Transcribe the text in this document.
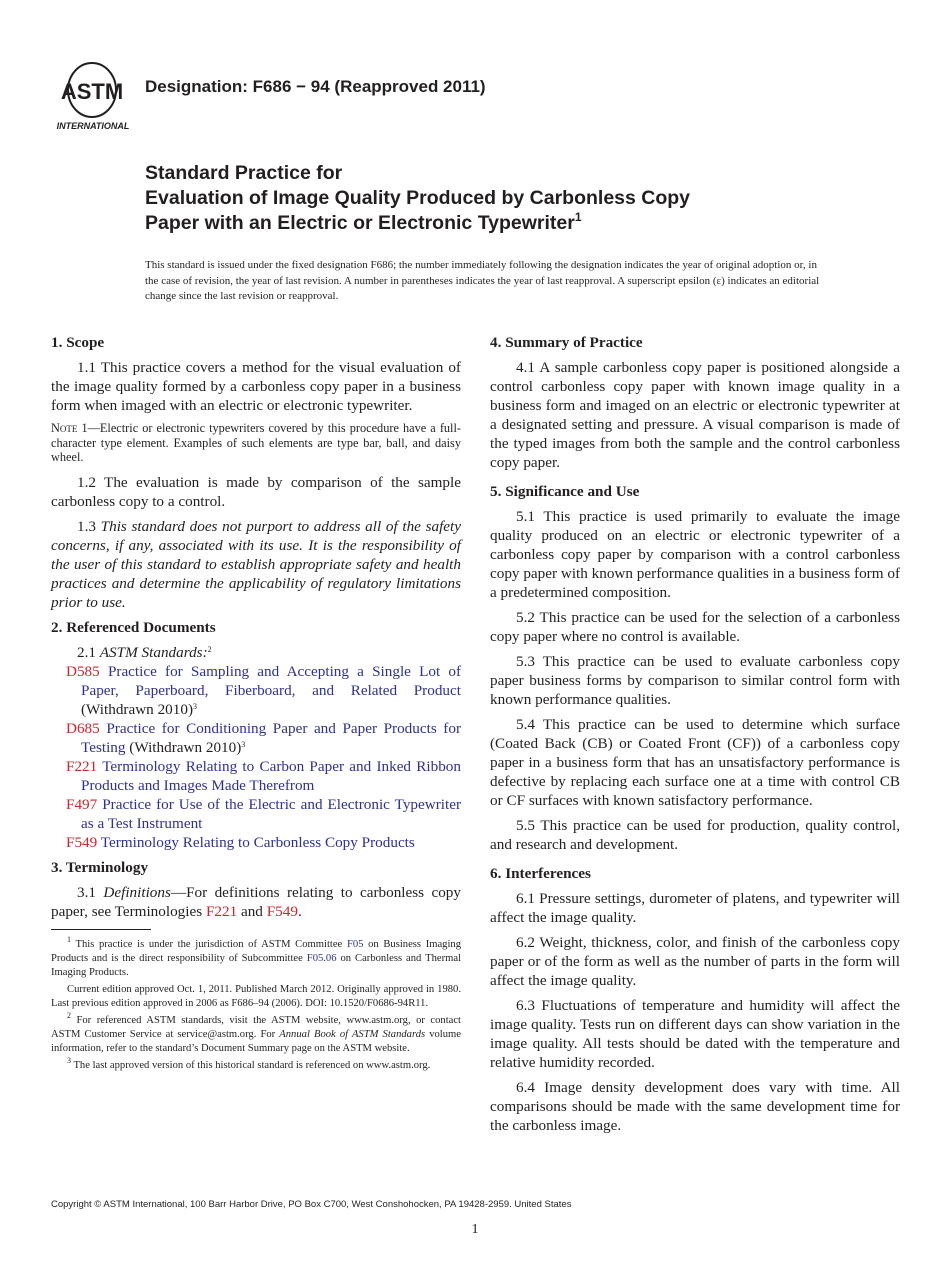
ASTM
INTERNATIONAL
Designation: F686 − 94 (Reapproved 2011)
Standard Practice for
Evaluation of Image Quality Produced by Carbonless Copy
Paper with an Electric or Electronic Typewriter$^1$
This standard is issued under the fixed designation F686; the number immediately following the designation indicates the year of original adoption or, in the case of revision, the year of last revision. A number in parentheses indicates the year of last reapproval. A superscript epsilon (ε) indicates an editorial change since the last revision or reapproval.
1. Scope

1.1 This practice covers a method for the visual evaluation of the image quality formed by a carbonless copy paper in a business form when imaged with an electric or electronic typewriter.

Note 1—Electric or electronic typewriters covered by this procedure have a full-character type element. Examples of such elements are type bar, ball, and daisy wheel.

1.2 The evaluation is made by comparison of the sample carbonless copy to a control.

1.3 This standard does not purport to address all of the safety concerns, if any, associated with its use. It is the responsibility of the user of this standard to establish appropriate safety and health practices and determine the applicability of regulatory limitations prior to use.

2. Referenced Documents

2.1 ASTM Standards:$^2$

D585 Practice for Sampling and Accepting a Single Lot of Paper, Paperboard, Fiberboard, and Related Product (Withdrawn 2010)$^3$

D685 Practice for Conditioning Paper and Paper Products for Testing (Withdrawn 2010)$^3$

F221 Terminology Relating to Carbon Paper and Inked Ribbon Products and Images Made Therefrom

F497 Practice for Use of the Electric and Electronic Typewriter as a Test Instrument

F549 Terminology Relating to Carbonless Copy Products

3. Terminology

3.1 Definitions—For definitions relating to carbonless copy paper, see Terminologies F221 and F549.

$^1$ This practice is under the jurisdiction of ASTM Committee F05 on Business Imaging Products and is the direct responsibility of Subcommittee F05.06 on Carbonless and Thermal Imaging Products.

Current edition approved Oct. 1, 2011. Published March 2012. Originally approved in 1980. Last previous edition approved in 2006 as F686–94 (2006). DOI: 10.1520/F0686-94R11.

$^2$ For referenced ASTM standards, visit the ASTM website, www.astm.org, or contact ASTM Customer Service at service@astm.org. For Annual Book of ASTM Standards volume information, refer to the standard’s Document Summary page on the ASTM website.

$^3$ The last approved version of this historical standard is referenced on www.astm.org.

4. Summary of Practice

4.1 A sample carbonless copy paper is positioned alongside a control carbonless copy paper with known image quality in a business form and imaged on an electric or electronic typewriter at a designated setting and pressure. A visual comparison is made of the typed images from both the sample and the control carbonless copy paper.

5. Significance and Use

5.1 This practice is used primarily to evaluate the image quality produced on an electric or electronic typewriter of a carbonless copy paper by comparison with a control carbonless copy paper with known performance qualities in a business form of a predetermined composition.

5.2 This practice can be used for the selection of a carbonless copy paper where no control is available.

5.3 This practice can be used to evaluate carbonless copy paper business forms by comparison to similar control form with known performance qualities.

5.4 This practice can be used to determine which surface (Coated Back (CB) or Coated Front (CF)) of a carbonless copy paper in a business form that has an unsatisfactory performance is defective by replacing each surface one at a time with control CB or CF surfaces with known satisfactory performance.

5.5 This practice can be used for production, quality control, and research and development.

6. Interferences

6.1 Pressure settings, durometer of platens, and typewriter will affect the image quality.

6.2 Weight, thickness, color, and finish of the carbonless copy paper or of the form as well as the number of parts in the form will affect the image quality.

6.3 Fluctuations of temperature and humidity will affect the image quality. Tests run on different days can show variation in the image quality. All tests should be dated with the temperature and relative humidity recorded.

6.4 Image density development does vary with time. All comparisons should be made with the same development time for the carbonless image.

Copyright © ASTM International, 100 Barr Harbor Drive, PO Box C700, West Conshohocken, PA 19428-2959. United States
1
